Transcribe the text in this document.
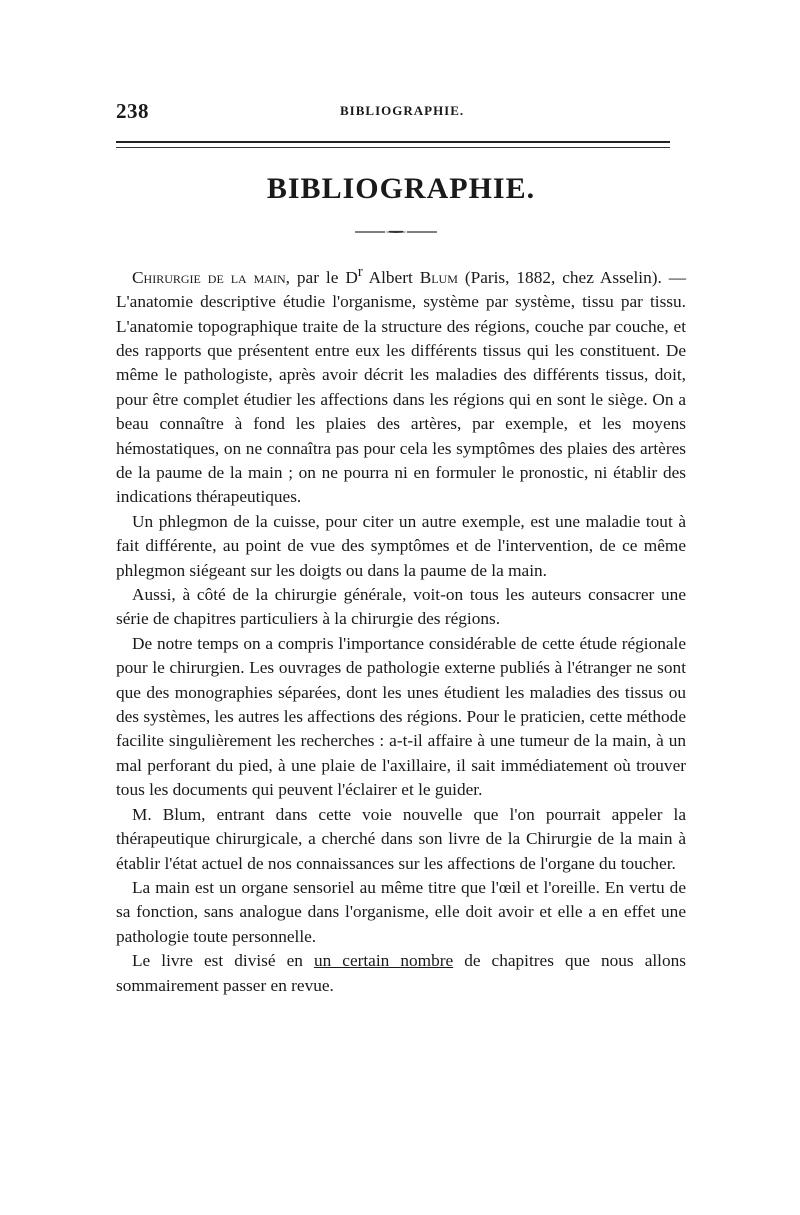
238	BIBLIOGRAPHIE.
BIBLIOGRAPHIE.

Chirurgie de la main, par le $D^r$ Albert Blum (Paris, 1882, chez Asselin). — L'anatomie descriptive étudie l'organisme, système par système, tissu par tissu. L'anatomie topographique traite de la structure des régions, couche par couche, et des rapports que présentent entre eux les différents tissus qui les constituent. De même le pathologiste, après avoir décrit les maladies des différents tissus, doit, pour être complet étudier les affections dans les régions qui en sont le siège. On a beau connaître à fond les plaies des artères, par exemple, et les moyens hémostatiques, on ne connaîtra pas pour cela les symptômes des plaies des artères de la paume de la main ; on ne pourra ni en formuler le pronostic, ni établir des indications thérapeutiques.

Un phlegmon de la cuisse, pour citer un autre exemple, est une maladie tout à fait différente, au point de vue des symptômes et de l'intervention, de ce même phlegmon siégeant sur les doigts ou dans la paume de la main.

Aussi, à côté de la chirurgie générale, voit-on tous les auteurs consacrer une série de chapitres particuliers à la chirurgie des régions.

De notre temps on a compris l'importance considérable de cette étude régionale pour le chirurgien. Les ouvrages de pathologie externe publiés à l'étranger ne sont que des monographies séparées, dont les unes étudient les maladies des tissus ou des systèmes, les autres les affections des régions. Pour le praticien, cette méthode facilite singulièrement les recherches : a-t-il affaire à une tumeur de la main, à un mal perforant du pied, à une plaie de l'axillaire, il sait immédiatement où trouver tous les documents qui peuvent l'éclairer et le guider.

M. Blum, entrant dans cette voie nouvelle que l'on pourrait appeler la thérapeutique chirurgicale, a cherché dans son livre de la Chirurgie de la main à établir l'état actuel de nos connaissances sur les affections de l'organe du toucher.

La main est un organe sensoriel au même titre que l'œil et l'oreille. En vertu de sa fonction, sans analogue dans l'organisme, elle doit avoir et elle a en effet une pathologie toute personnelle.

Le livre est divisé en un certain nombre de chapitres que nous allons sommairement passer en revue.
